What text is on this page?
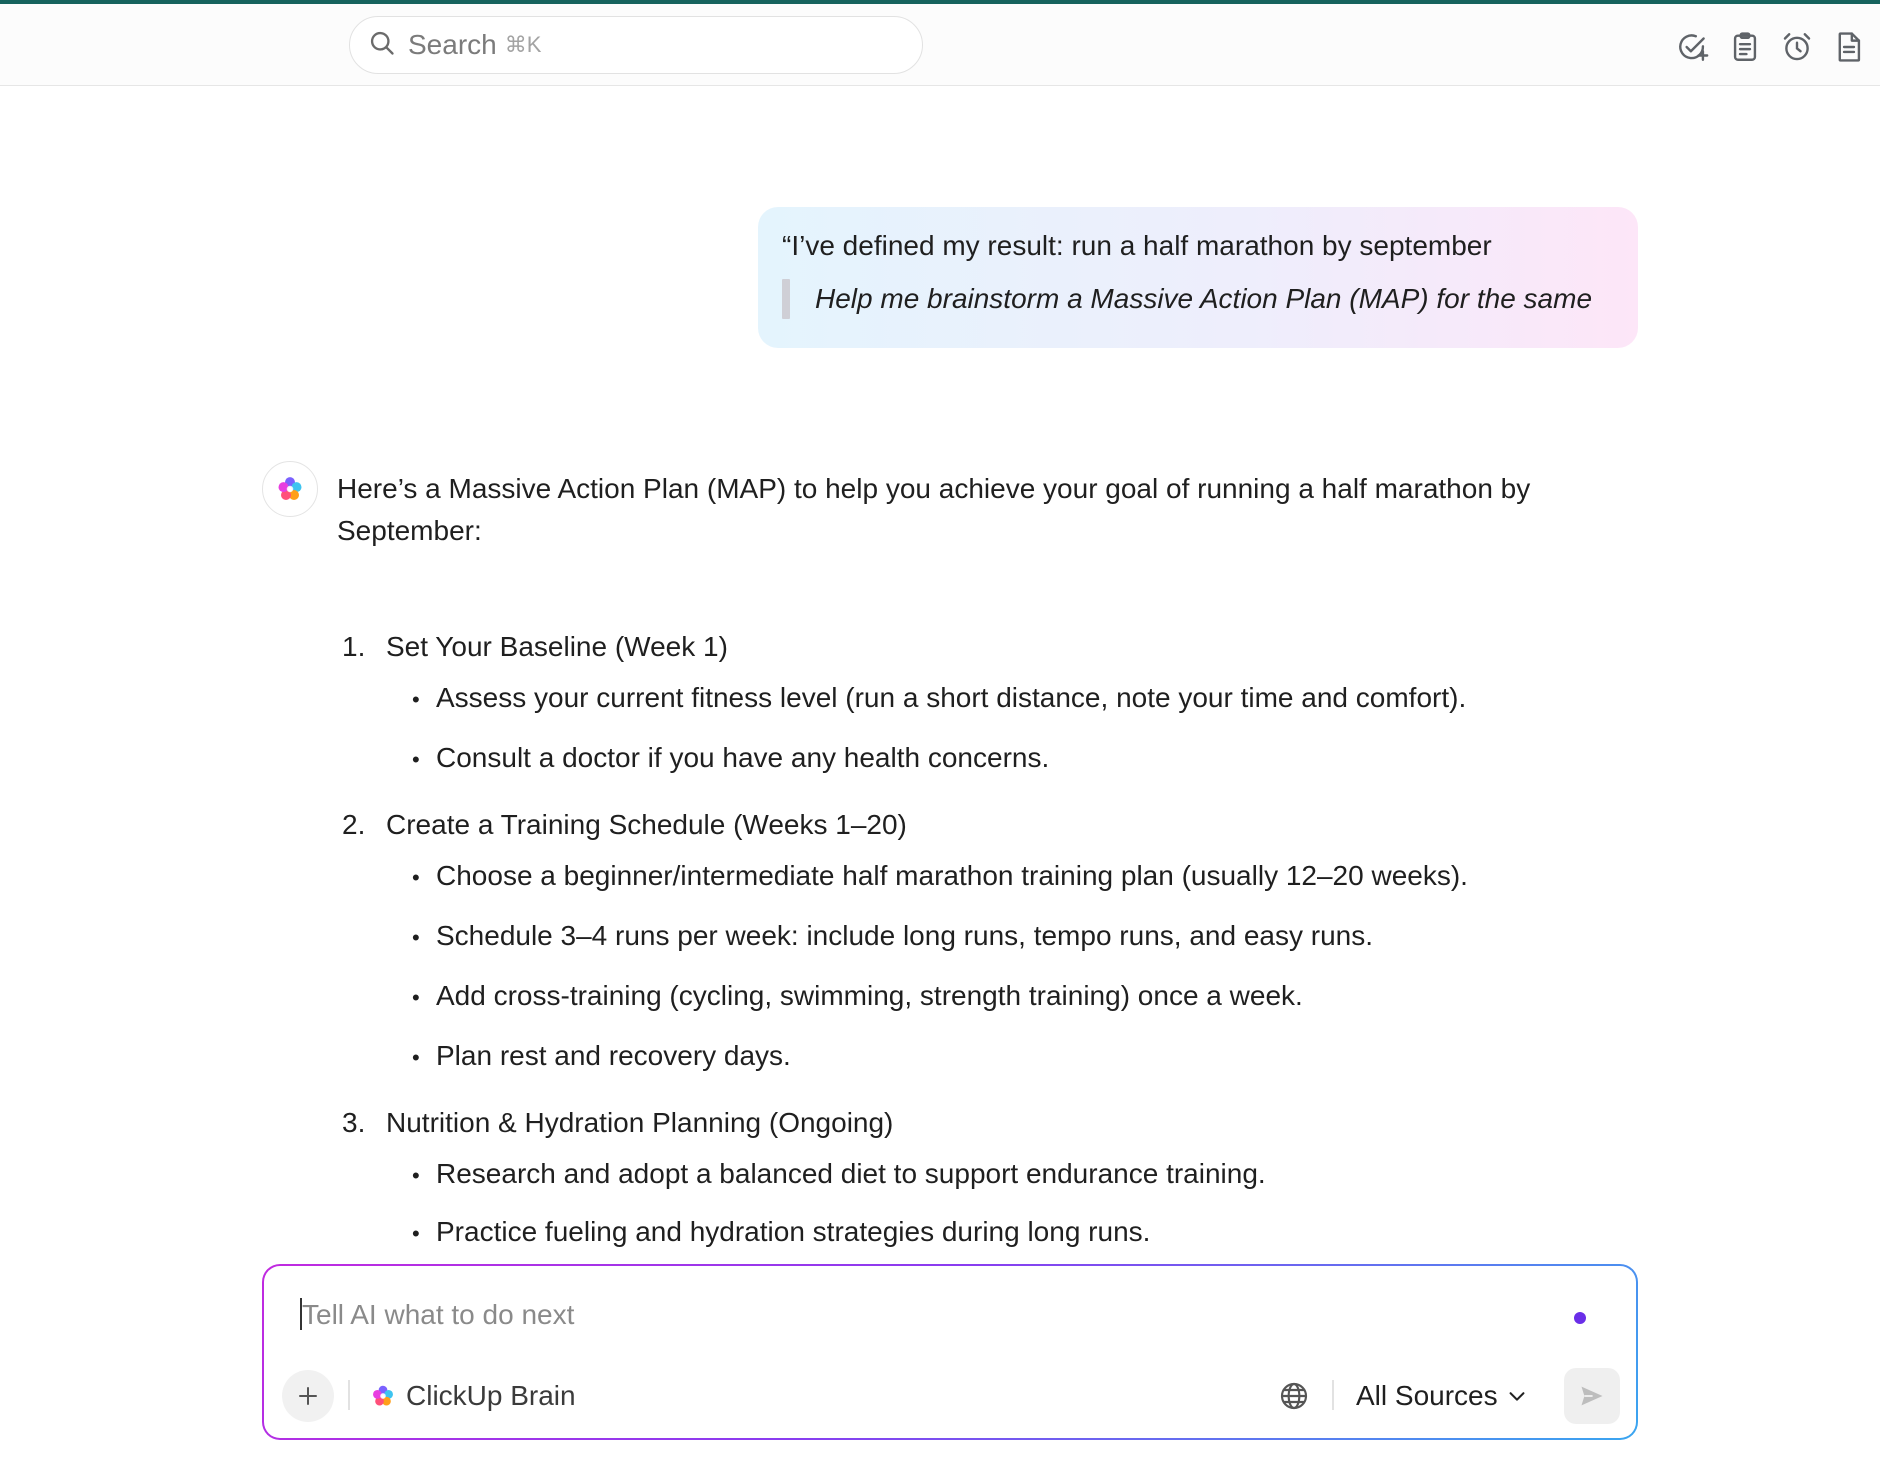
Search ⌘K
“I’ve defined my result: run a half marathon by september
Help me brainstorm a Massive Action Plan (MAP) for the same
Here’s a Massive Action Plan (MAP) to help you achieve your goal of running a half marathon by September:
1. Set Your Baseline (Week 1)
• Assess your current fitness level (run a short distance, note your time and comfort).
• Consult a doctor if you have any health concerns.
2. Create a Training Schedule (Weeks 1–20)
• Choose a beginner/intermediate half marathon training plan (usually 12–20 weeks).
• Schedule 3–4 runs per week: include long runs, tempo runs, and easy runs.
• Add cross-training (cycling, swimming, strength training) once a week.
• Plan rest and recovery days.
3. Nutrition & Hydration Planning (Ongoing)
• Research and adopt a balanced diet to support endurance training.
• Practice fueling and hydration strategies during long runs.
Tell AI what to do next
ClickUp Brain	All Sources
